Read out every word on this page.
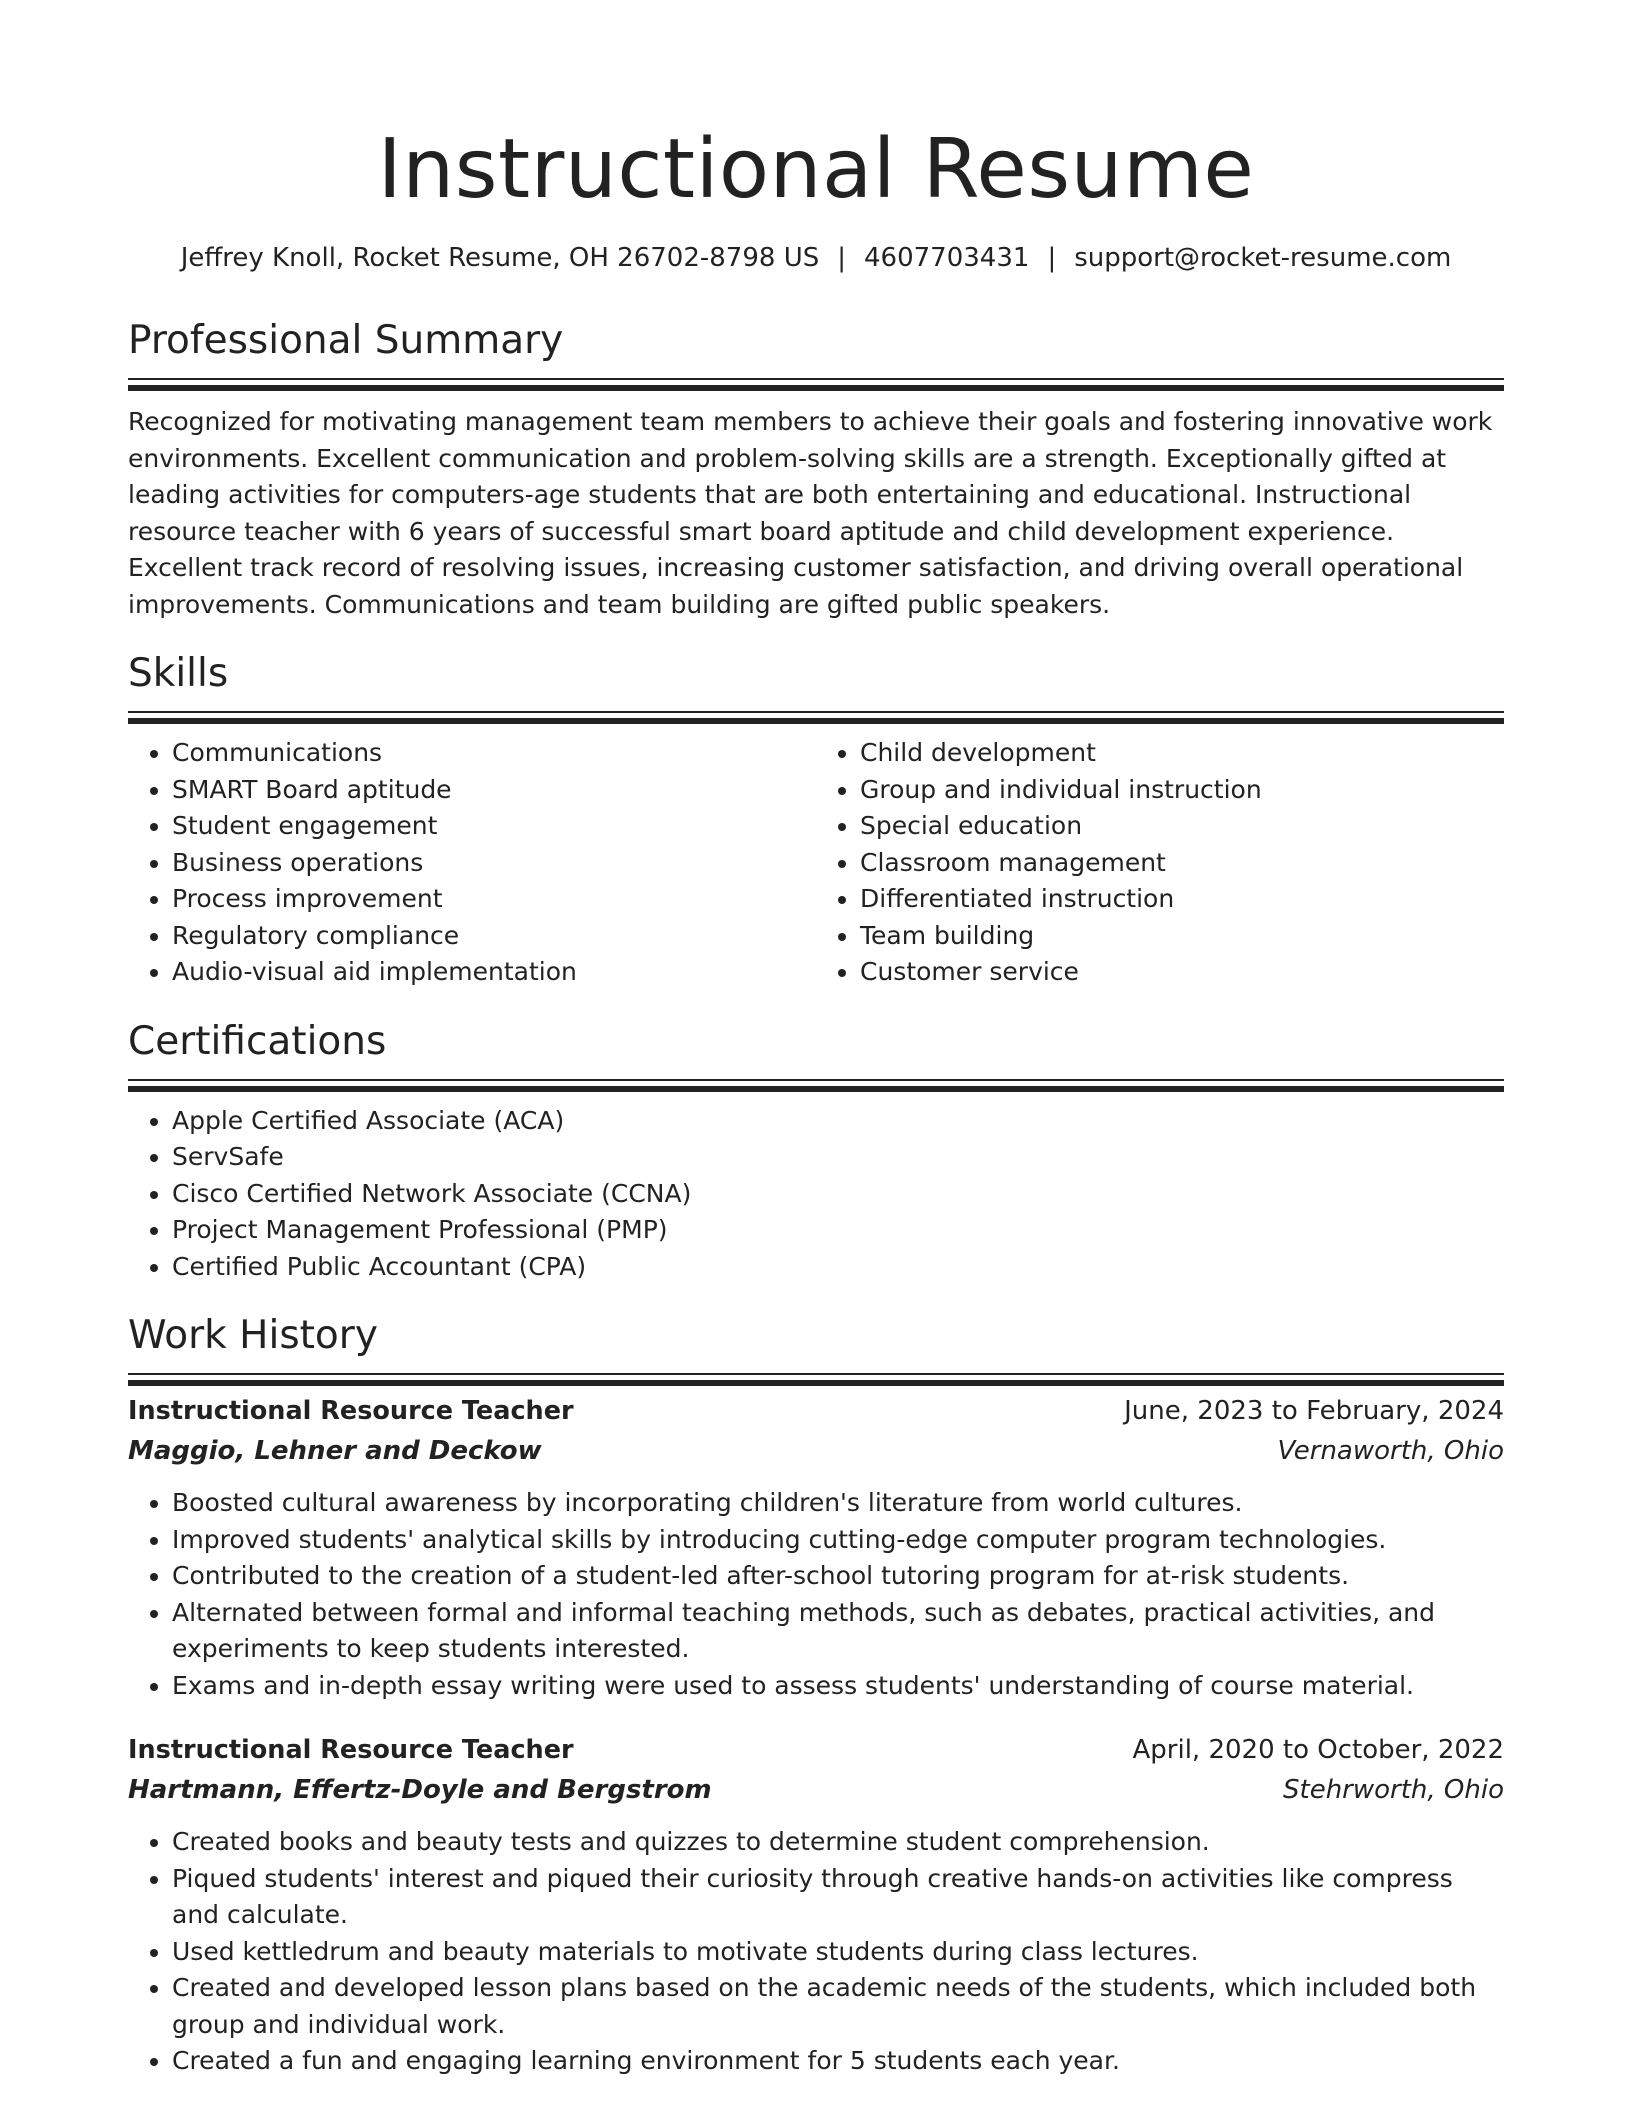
Instructional Resume
Jeffrey Knoll, Rocket Resume, OH 26702-8798 US | 4607703431 | support@rocket-resume.com
Professional Summary
Recognized for motivating management team members to achieve their goals and fostering innovative work environments. Excellent communication and problem-solving skills are a strength. Exceptionally gifted at leading activities for computers-age students that are both entertaining and educational. Instructional resource teacher with 6 years of successful smart board aptitude and child development experience. Excellent track record of resolving issues, increasing customer satisfaction, and driving overall operational improvements. Communications and team building are gifted public speakers.
Skills
• Communications
• SMART Board aptitude
• Student engagement
• Business operations
• Process improvement
• Regulatory compliance
• Audio-visual aid implementation
• Child development
• Group and individual instruction
• Special education
• Classroom management
• Differentiated instruction
• Team building
• Customer service
Certifications
• Apple Certified Associate (ACA)
• ServSafe
• Cisco Certified Network Associate (CCNA)
• Project Management Professional (PMP)
• Certified Public Accountant (CPA)
Work History
Instructional Resource Teacher	June, 2023 to February, 2024
Maggio, Lehner and Deckow	Vernaworth, Ohio
• Boosted cultural awareness by incorporating children's literature from world cultures.
• Improved students' analytical skills by introducing cutting-edge computer program technologies.
• Contributed to the creation of a student-led after-school tutoring program for at-risk students.
• Alternated between formal and informal teaching methods, such as debates, practical activities, and experiments to keep students interested.
• Exams and in-depth essay writing were used to assess students' understanding of course material.
Instructional Resource Teacher	April, 2020 to October, 2022
Hartmann, Effertz-Doyle and Bergstrom	Stehrworth, Ohio
• Created books and beauty tests and quizzes to determine student comprehension.
• Piqued students' interest and piqued their curiosity through creative hands-on activities like compress and calculate.
• Used kettledrum and beauty materials to motivate students during class lectures.
• Created and developed lesson plans based on the academic needs of the students, which included both group and individual work.
• Created a fun and engaging learning environment for 5 students each year.
